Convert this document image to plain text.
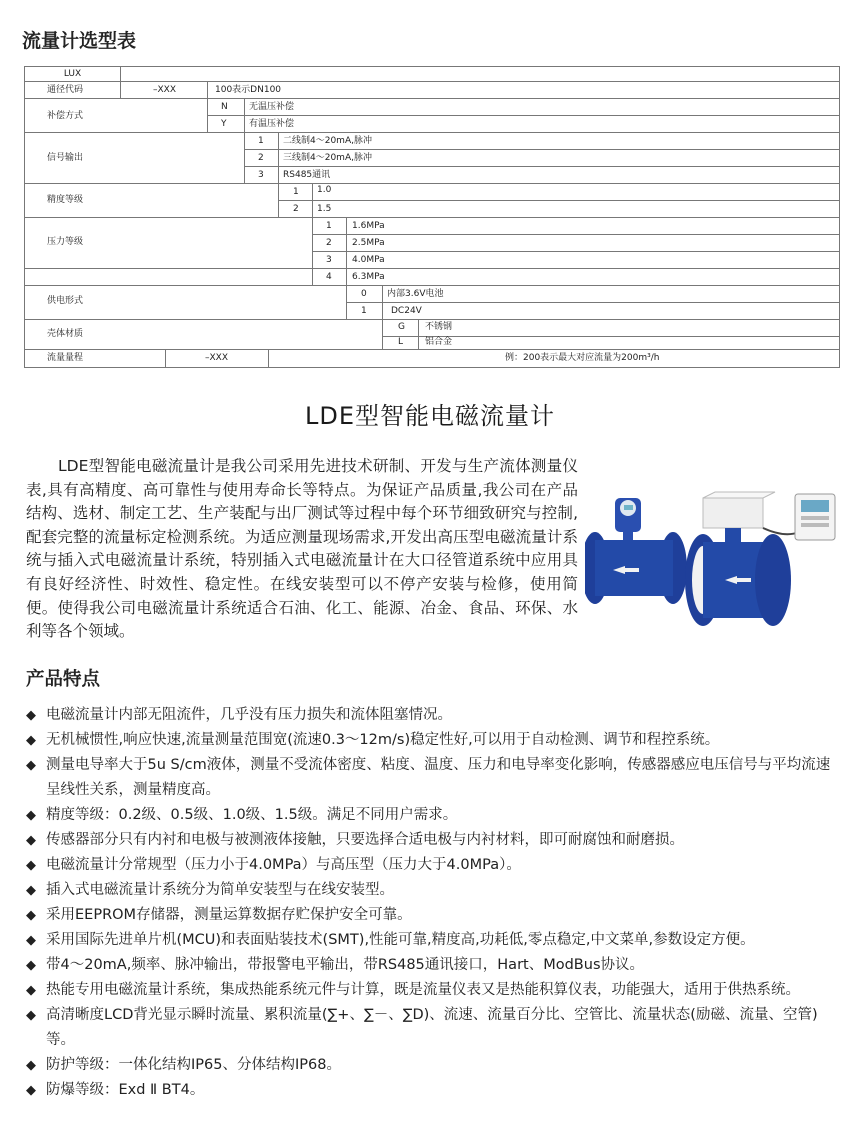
流量计选型表
LUX
通径代码	–XXX	100表示DN100
补偿方式
N 无温压补偿
Y	有温压补偿
信号输出
1 二线制4～20mA,脉冲
2 三线制4～20mA,脉冲
3 RS485通讯
精度等级
1 1.0
2 1.5
压力等级
1 1.6MPa
2 2.5MPa
3 4.0MPa
4 6.3MPa
供电形式
0 内部3.6V电池
1	DC24V
壳体材质
G 不锈钢
L 铝合金
流量量程	–XXX	例：200表示最大对应流量为200m³/h
LDE型智能电磁流量计

LDE型智能电磁流量计是我公司采用先进技术研制、开发与生产流体测量仪表,具有高精度、高可靠性与使用寿命长等特点。为保证产品质量,我公司在产品结构、选材、制定工艺、生产装配与出厂测试等过程中每个环节细致研究与控制,配套完整的流量标定检测系统。为适应测量现场需求,开发出高压型电磁流量计系统与插入式电磁流量计系统，特别插入式电磁流量计在大口径管道系统中应用具有良好经济性、时效性、稳定性。在线安装型可以不停产安装与检修，使用简便。使得我公司电磁流量计系统适合石油、化工、能源、冶金、食品、环保、水利等各个领域。

产品特点
◆ 电磁流量计内部无阻流件，几乎没有压力损失和流体阻塞情况。
◆ 无机械惯性,响应快速,流量测量范围宽(流速0.3～12m/s)稳定性好,可以用于自动检测、调节和程控系统。
◆ 测量电导率大于5u S/cm液体，测量不受流体密度、粘度、温度、压力和电导率变化影响，传感器感应电压信号与平均流速呈线性关系，测量精度高。
◆ 精度等级：0.2级、0.5级、1.0级、1.5级。满足不同用户需求。
◆ 传感器部分只有内衬和电极与被测液体接触，只要选择合适电极与内衬材料，即可耐腐蚀和耐磨损。
◆ 电磁流量计分常规型（压力小于4.0MPa）与高压型（压力大于4.0MPa）。
◆ 插入式电磁流量计系统分为简单安装型与在线安装型。
◆ 采用EEPROM存储器，测量运算数据存贮保护安全可靠。
◆ 采用国际先进单片机(MCU)和表面贴装技术(SMT),性能可靠,精度高,功耗低,零点稳定,中文菜单,参数设定方便。
◆ 带4～20mA,频率、脉冲输出，带报警电平输出，带RS485通讯接口，Hart、ModBus协议。
◆ 热能专用电磁流量计系统，集成热能系统元件与计算，既是流量仪表又是热能积算仪表，功能强大，适用于供热系统。
◆ 高清晰度LCD背光显示瞬时流量、累积流量(∑+、∑－、∑D)、流速、流量百分比、空管比、流量状态(励磁、流量、空管)等。
◆ 防护等级：一体化结构IP65、分体结构IP68。
◆ 防爆等级：Exd Ⅱ BT4。
